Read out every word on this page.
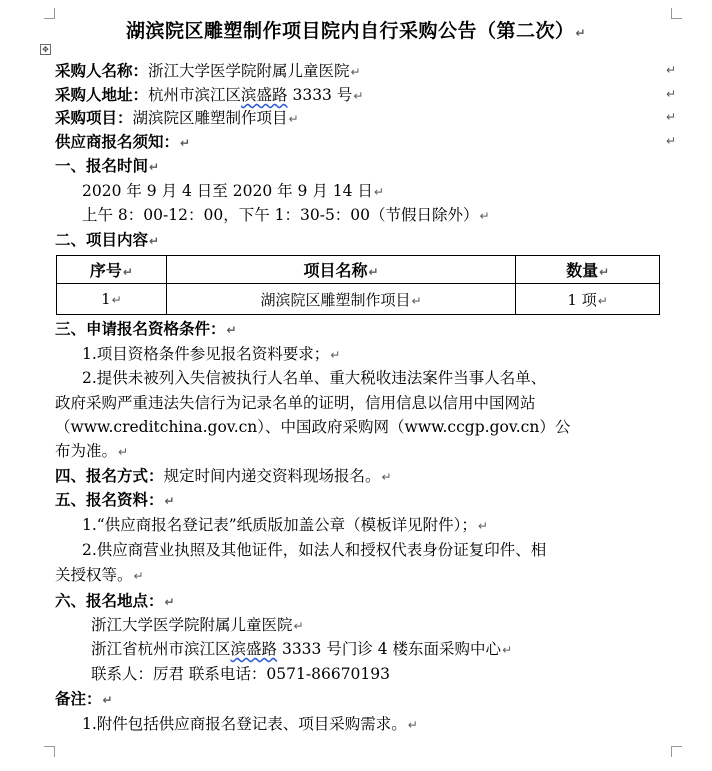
湖滨院区雕塑制作项目院内自行采购公告（第二次）↵
✥
采购人名称：浙江大学医学院附属儿童医院↵	↵
采购人地址：杭州市滨江区滨盛路 3333 号↵	↵
采购项目：湖滨院区雕塑制作项目↵	↵
供应商报名须知：↵	↵
一、报名时间↵
2020 年 9 月 4 日至 2020 年 9 月 14 日↵
上午 8：00-12：00，下午 1：30-5：00（节假日除外）↵
二、项目内容↵
序号↵	项目名称↵	数量↵
1↵	湖滨院区雕塑制作项目↵	1 项↵
三、申请报名资格条件：↵
1.项目资格条件参见报名资料要求；↵
2.提供未被列入失信被执行人名单、重大税收违法案件当事人名单、
政府采购严重违法失信行为记录名单的证明，信用信息以信用中国网站
（www.creditchina.gov.cn）、中国政府采购网（www.ccgp.gov.cn）公
布为准。↵
四、报名方式：规定时间内递交资料现场报名。↵
五、报名资料：↵
1.“供应商报名登记表”纸质版加盖公章（模板详见附件）；↵
2.供应商营业执照及其他证件，如法人和授权代表身份证复印件、相
关授权等。↵
六、报名地点：↵
浙江大学医学院附属儿童医院↵
浙江省杭州市滨江区滨盛路 3333 号门诊 4 楼东面采购中心↵
联系人：厉君 联系电话：0571-86670193
备注：↵
1.附件包括供应商报名登记表、项目采购需求。↵
